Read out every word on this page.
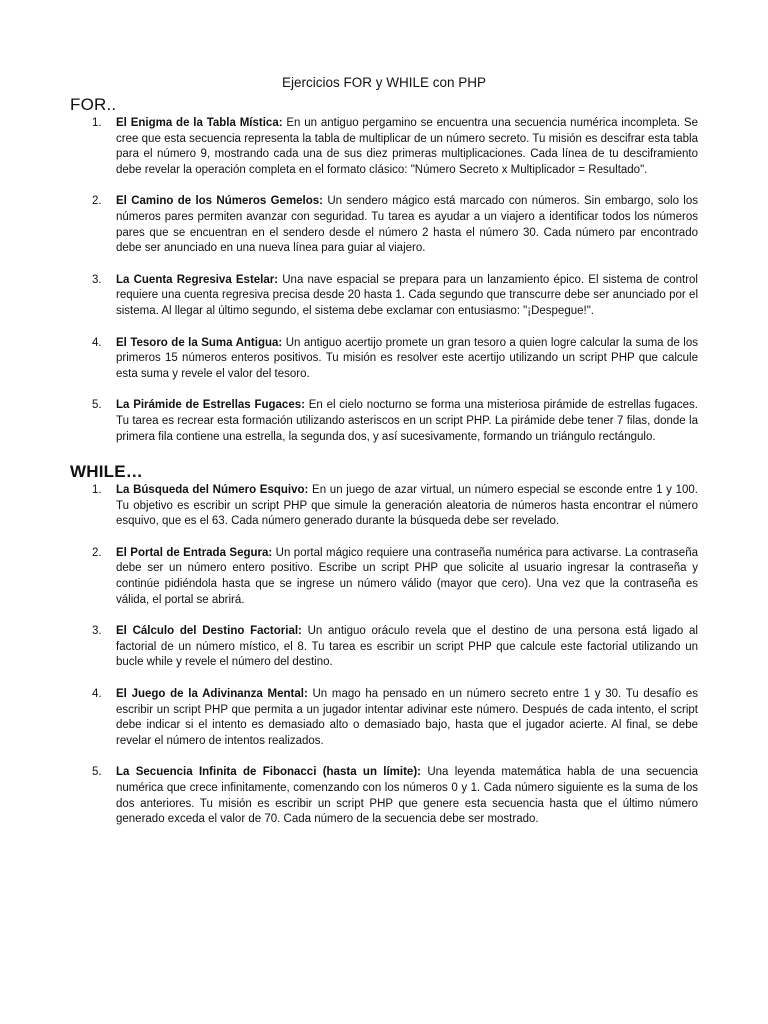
Ejercicios FOR y WHILE con PHP
FOR..
1.	El Enigma de la Tabla Mística: En un antiguo pergamino se encuentra una secuencia numérica incompleta. Se cree que esta secuencia representa la tabla de multiplicar de un número secreto. Tu misión es descifrar esta tabla para el número 9, mostrando cada una de sus diez primeras multiplicaciones. Cada línea de tu desciframiento debe revelar la operación completa en el formato clásico: "Número Secreto x Multiplicador = Resultado".
2.	El Camino de los Números Gemelos: Un sendero mágico está marcado con números. Sin embargo, solo los números pares permiten avanzar con seguridad. Tu tarea es ayudar a un viajero a identificar todos los números pares que se encuentran en el sendero desde el número 2 hasta el número 30. Cada número par encontrado debe ser anunciado en una nueva línea para guiar al viajero.
3.	La Cuenta Regresiva Estelar: Una nave espacial se prepara para un lanzamiento épico. El sistema de control requiere una cuenta regresiva precisa desde 20 hasta 1. Cada segundo que transcurre debe ser anunciado por el sistema. Al llegar al último segundo, el sistema debe exclamar con entusiasmo: "¡Despegue!".
4.	El Tesoro de la Suma Antigua: Un antiguo acertijo promete un gran tesoro a quien logre calcular la suma de los primeros 15 números enteros positivos. Tu misión es resolver este acertijo utilizando un script PHP que calcule esta suma y revele el valor del tesoro.
5.	La Pirámide de Estrellas Fugaces: En el cielo nocturno se forma una misteriosa pirámide de estrellas fugaces. Tu tarea es recrear esta formación utilizando asteriscos en un script PHP. La pirámide debe tener 7 filas, donde la primera fila contiene una estrella, la segunda dos, y así sucesivamente, formando un triángulo rectángulo.
WHILE…
1.	La Búsqueda del Número Esquivo: En un juego de azar virtual, un número especial se esconde entre 1 y 100. Tu objetivo es escribir un script PHP que simule la generación aleatoria de números hasta encontrar el número esquivo, que es el 63. Cada número generado durante la búsqueda debe ser revelado.
2.	El Portal de Entrada Segura: Un portal mágico requiere una contraseña numérica para activarse. La contraseña debe ser un número entero positivo. Escribe un script PHP que solicite al usuario ingresar la contraseña y continúe pidiéndola hasta que se ingrese un número válido (mayor que cero). Una vez que la contraseña es válida, el portal se abrirá.
3.	El Cálculo del Destino Factorial: Un antiguo oráculo revela que el destino de una persona está ligado al factorial de un número místico, el 8. Tu tarea es escribir un script PHP que calcule este factorial utilizando un bucle while y revele el número del destino.
4.	El Juego de la Adivinanza Mental: Un mago ha pensado en un número secreto entre 1 y 30. Tu desafío es escribir un script PHP que permita a un jugador intentar adivinar este número. Después de cada intento, el script debe indicar si el intento es demasiado alto o demasiado bajo, hasta que el jugador acierte. Al final, se debe revelar el número de intentos realizados.
5.	La Secuencia Infinita de Fibonacci (hasta un límite): Una leyenda matemática habla de una secuencia numérica que crece infinitamente, comenzando con los números 0 y 1. Cada número siguiente es la suma de los dos anteriores. Tu misión es escribir un script PHP que genere esta secuencia hasta que el último número generado exceda el valor de 70. Cada número de la secuencia debe ser mostrado.
